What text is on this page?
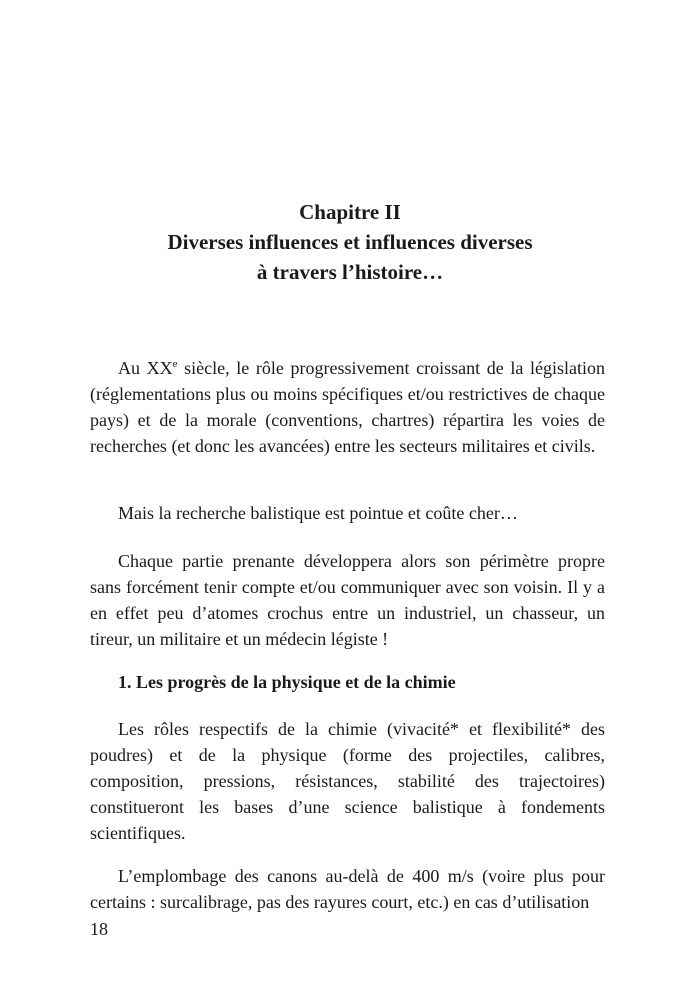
Chapitre II
Diverses influences et influences diverses
à travers l’histoire…

Au XXe siècle, le rôle progressivement croissant de la législation (réglementations plus ou moins spécifiques et/ou restrictives de chaque pays) et de la morale (conventions, chartres) répartira les voies de recherches (et donc les avancées) entre les secteurs militaires et civils.

Mais la recherche balistique est pointue et coûte cher…

Chaque partie prenante développera alors son périmètre propre sans forcément tenir compte et/ou communiquer avec son voisin. Il y a en effet peu d’atomes crochus entre un industriel, un chasseur, un tireur, un militaire et un médecin légiste !

1. Les progrès de la physique et de la chimie

Les rôles respectifs de la chimie (vivacité* et flexibilité* des poudres) et de la physique (forme des projectiles, calibres, composition, pressions, résistances, stabilité des trajectoires) constitueront les bases d’une science balistique à fondements scientifiques.

L’emplombage des canons au-delà de 400 m/s (voire plus pour certains : surcalibrage, pas des rayures court, etc.) en cas d’utilisation

18
